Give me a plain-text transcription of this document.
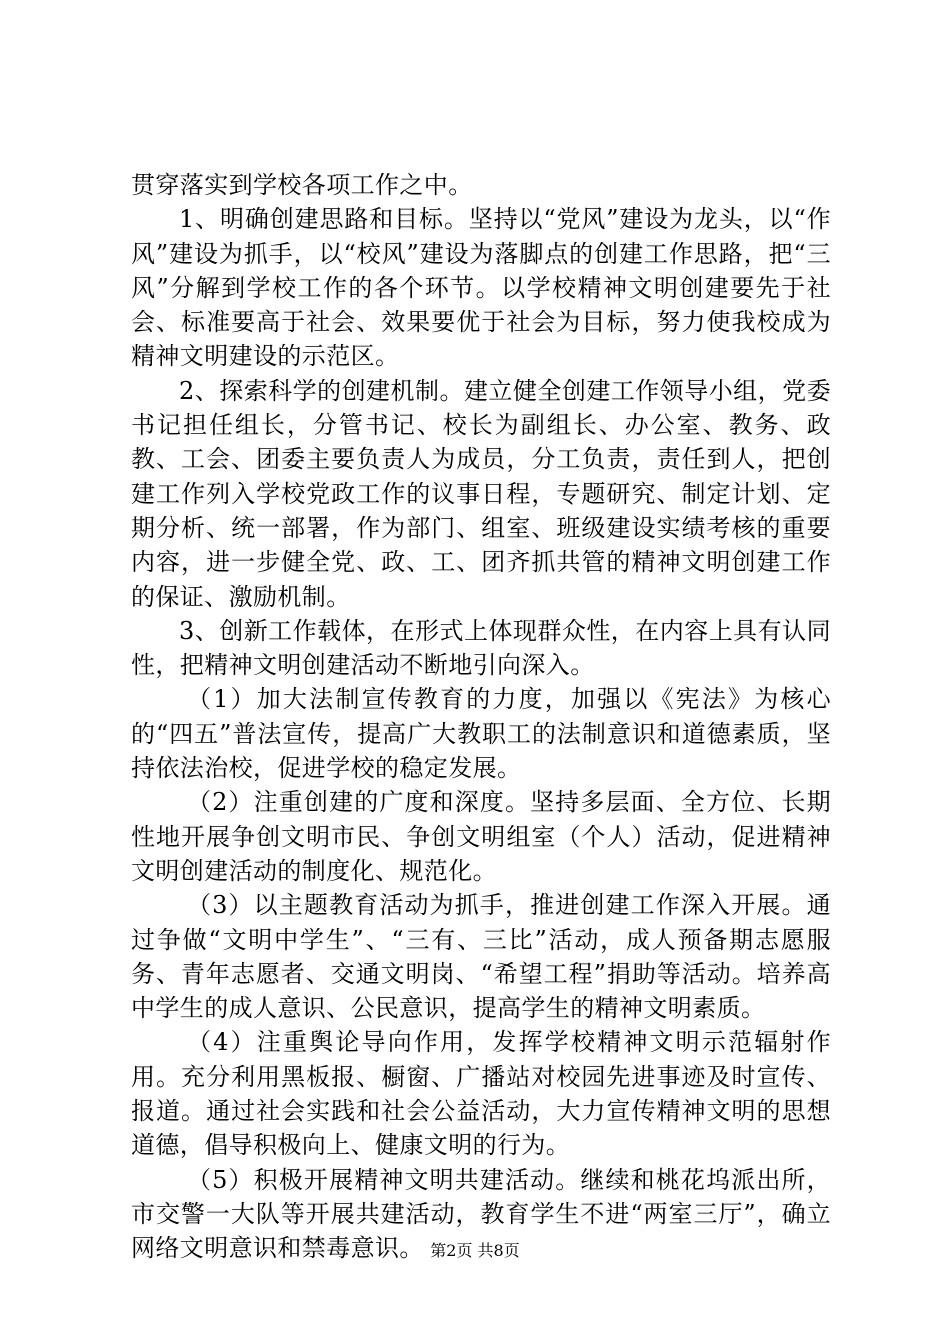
贯穿落实到学校各项工作之中。

1、明确创建思路和目标。坚持以“党风”建设为龙头，以“作风”建设为抓手，以“校风”建设为落脚点的创建工作思路，把“三风”分解到学校工作的各个环节。以学校精神文明创建要先于社会、标准要高于社会、效果要优于社会为目标，努力使我校成为精神文明建设的示范区。

2、探索科学的创建机制。建立健全创建工作领导小组，党委书记担任组长，分管书记、校长为副组长、办公室、教务、政教、工会、团委主要负责人为成员，分工负责，责任到人，把创建工作列入学校党政工作的议事日程，专题研究、制定计划、定期分析、统一部署，作为部门、组室、班级建设实绩考核的重要内容，进一步健全党、政、工、团齐抓共管的精神文明创建工作的保证、激励机制。

3、创新工作载体，在形式上体现群众性，在内容上具有认同性，把精神文明创建活动不断地引向深入。

（1）加大法制宣传教育的力度，加强以《宪法》为核心的“四五”普法宣传，提高广大教职工的法制意识和道德素质，坚持依法治校，促进学校的稳定发展。

（2）注重创建的广度和深度。坚持多层面、全方位、长期性地开展争创文明市民、争创文明组室（个人）活动，促进精神文明创建活动的制度化、规范化。

（3）以主题教育活动为抓手，推进创建工作深入开展。通过争做“文明中学生”、“三有、三比”活动，成人预备期志愿服务、青年志愿者、交通文明岗、“希望工程”捐助等活动。培养高中学生的成人意识、公民意识，提高学生的精神文明素质。

（4）注重舆论导向作用，发挥学校精神文明示范辐射作用。充分利用黑板报、橱窗、广播站对校园先进事迹及时宣传、报道。通过社会实践和社会公益活动，大力宣传精神文明的思想道德，倡导积极向上、健康文明的行为。

（5）积极开展精神文明共建活动。继续和桃花坞派出所，市交警一大队等开展共建活动，教育学生不进“两室三厅”，确立网络文明意识和禁毒意识。 第2页 共8页
